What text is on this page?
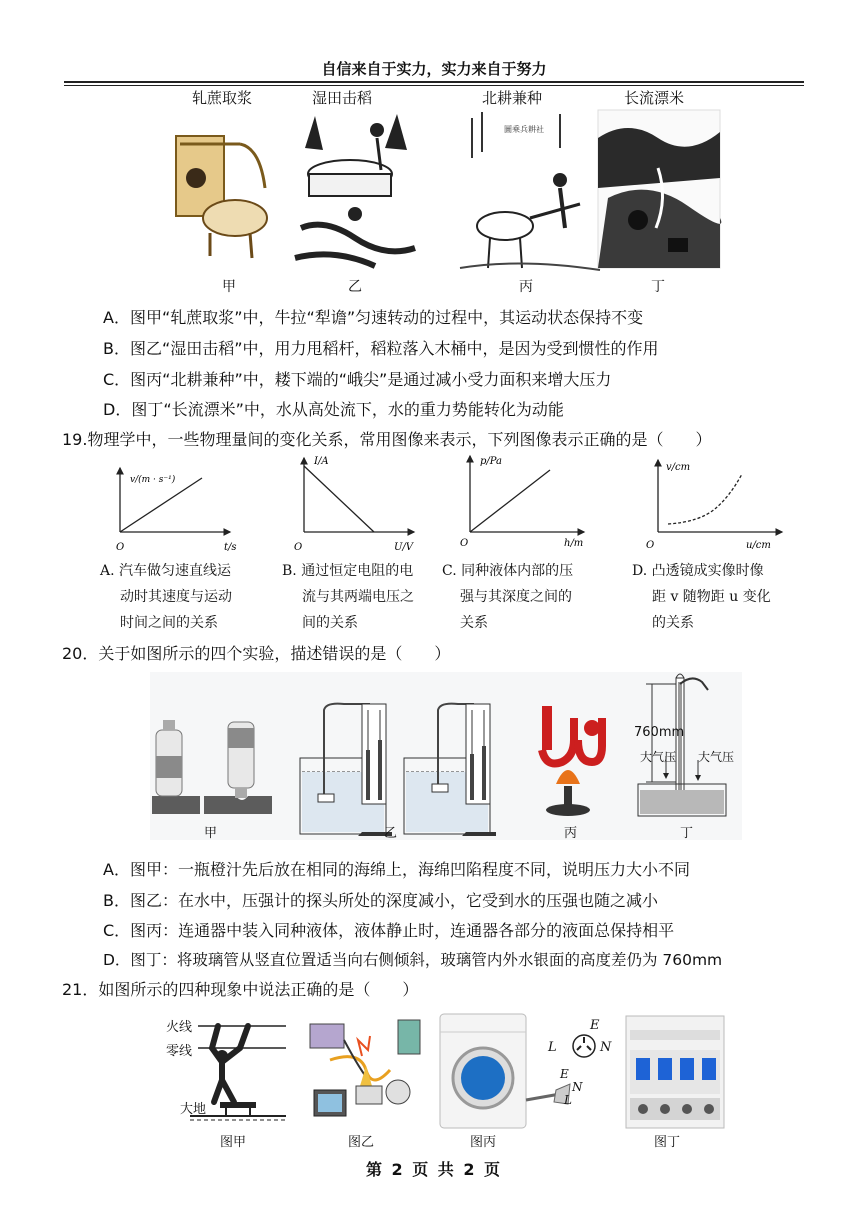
自信来自于实力，实力来自于努力
轧蔗取浆	湿田击稻	北耕兼种	长流漂米
圖乘兵耕社
甲	乙	丙	丁
A．图甲“轧蔗取浆”中，牛拉“犁谵”匀速转动的过程中，其运动状态保持不变
B．图乙“湿田击稻”中，用力甩稻杆，稻粒落入木桶中，是因为受到惯性的作用
C．图丙“北耕兼种”中，耧下端的“峨尖”是通过减小受力面积来增大压力
D．图丁“长流漂米”中，水从高处流下，水的重力势能转化为动能
19.物理学中，一些物理量间的变化关系，常用图像来表示，下列图像表示正确的是（　　）
v/(m · s⁻¹)
t/s
O
I/A
U/V
O
p/Pa
h/m
O
v/cm
u/cm
O
A. 汽车做匀速直线运
动时其速度与运动
时间之间的关系
B. 通过恒定电阻的电
流与其两端电压之
间的关系
C. 同种液体内部的压
强与其深度之间的
关系
D. 凸透镜成实像时像
距 v 随物距 u 变化
的关系
20．关于如图所示的四个实验，描述错误的是（　　）
760mm
大气压 大气压
甲	乙	丙	丁
A．图甲：一瓶橙汁先后放在相同的海绵上，海绵凹陷程度不同，说明压力大小不同
B．图乙：在水中，压强计的探头所处的深度减小，它受到水的压强也随之减小
C．图丙：连通器中装入同种液体，液体静止时，连通器各部分的液面总保持相平
D．图丁：将玻璃管从竖直位置适当向右侧倾斜，玻璃管内外水银面的高度差仍为 760mm
21．如图所示的四种现象中说法正确的是（　　）
火线
零线
大地
E
L	N
E
N
L
图甲	图乙	图丙	图丁
第 2 页 共 2 页
